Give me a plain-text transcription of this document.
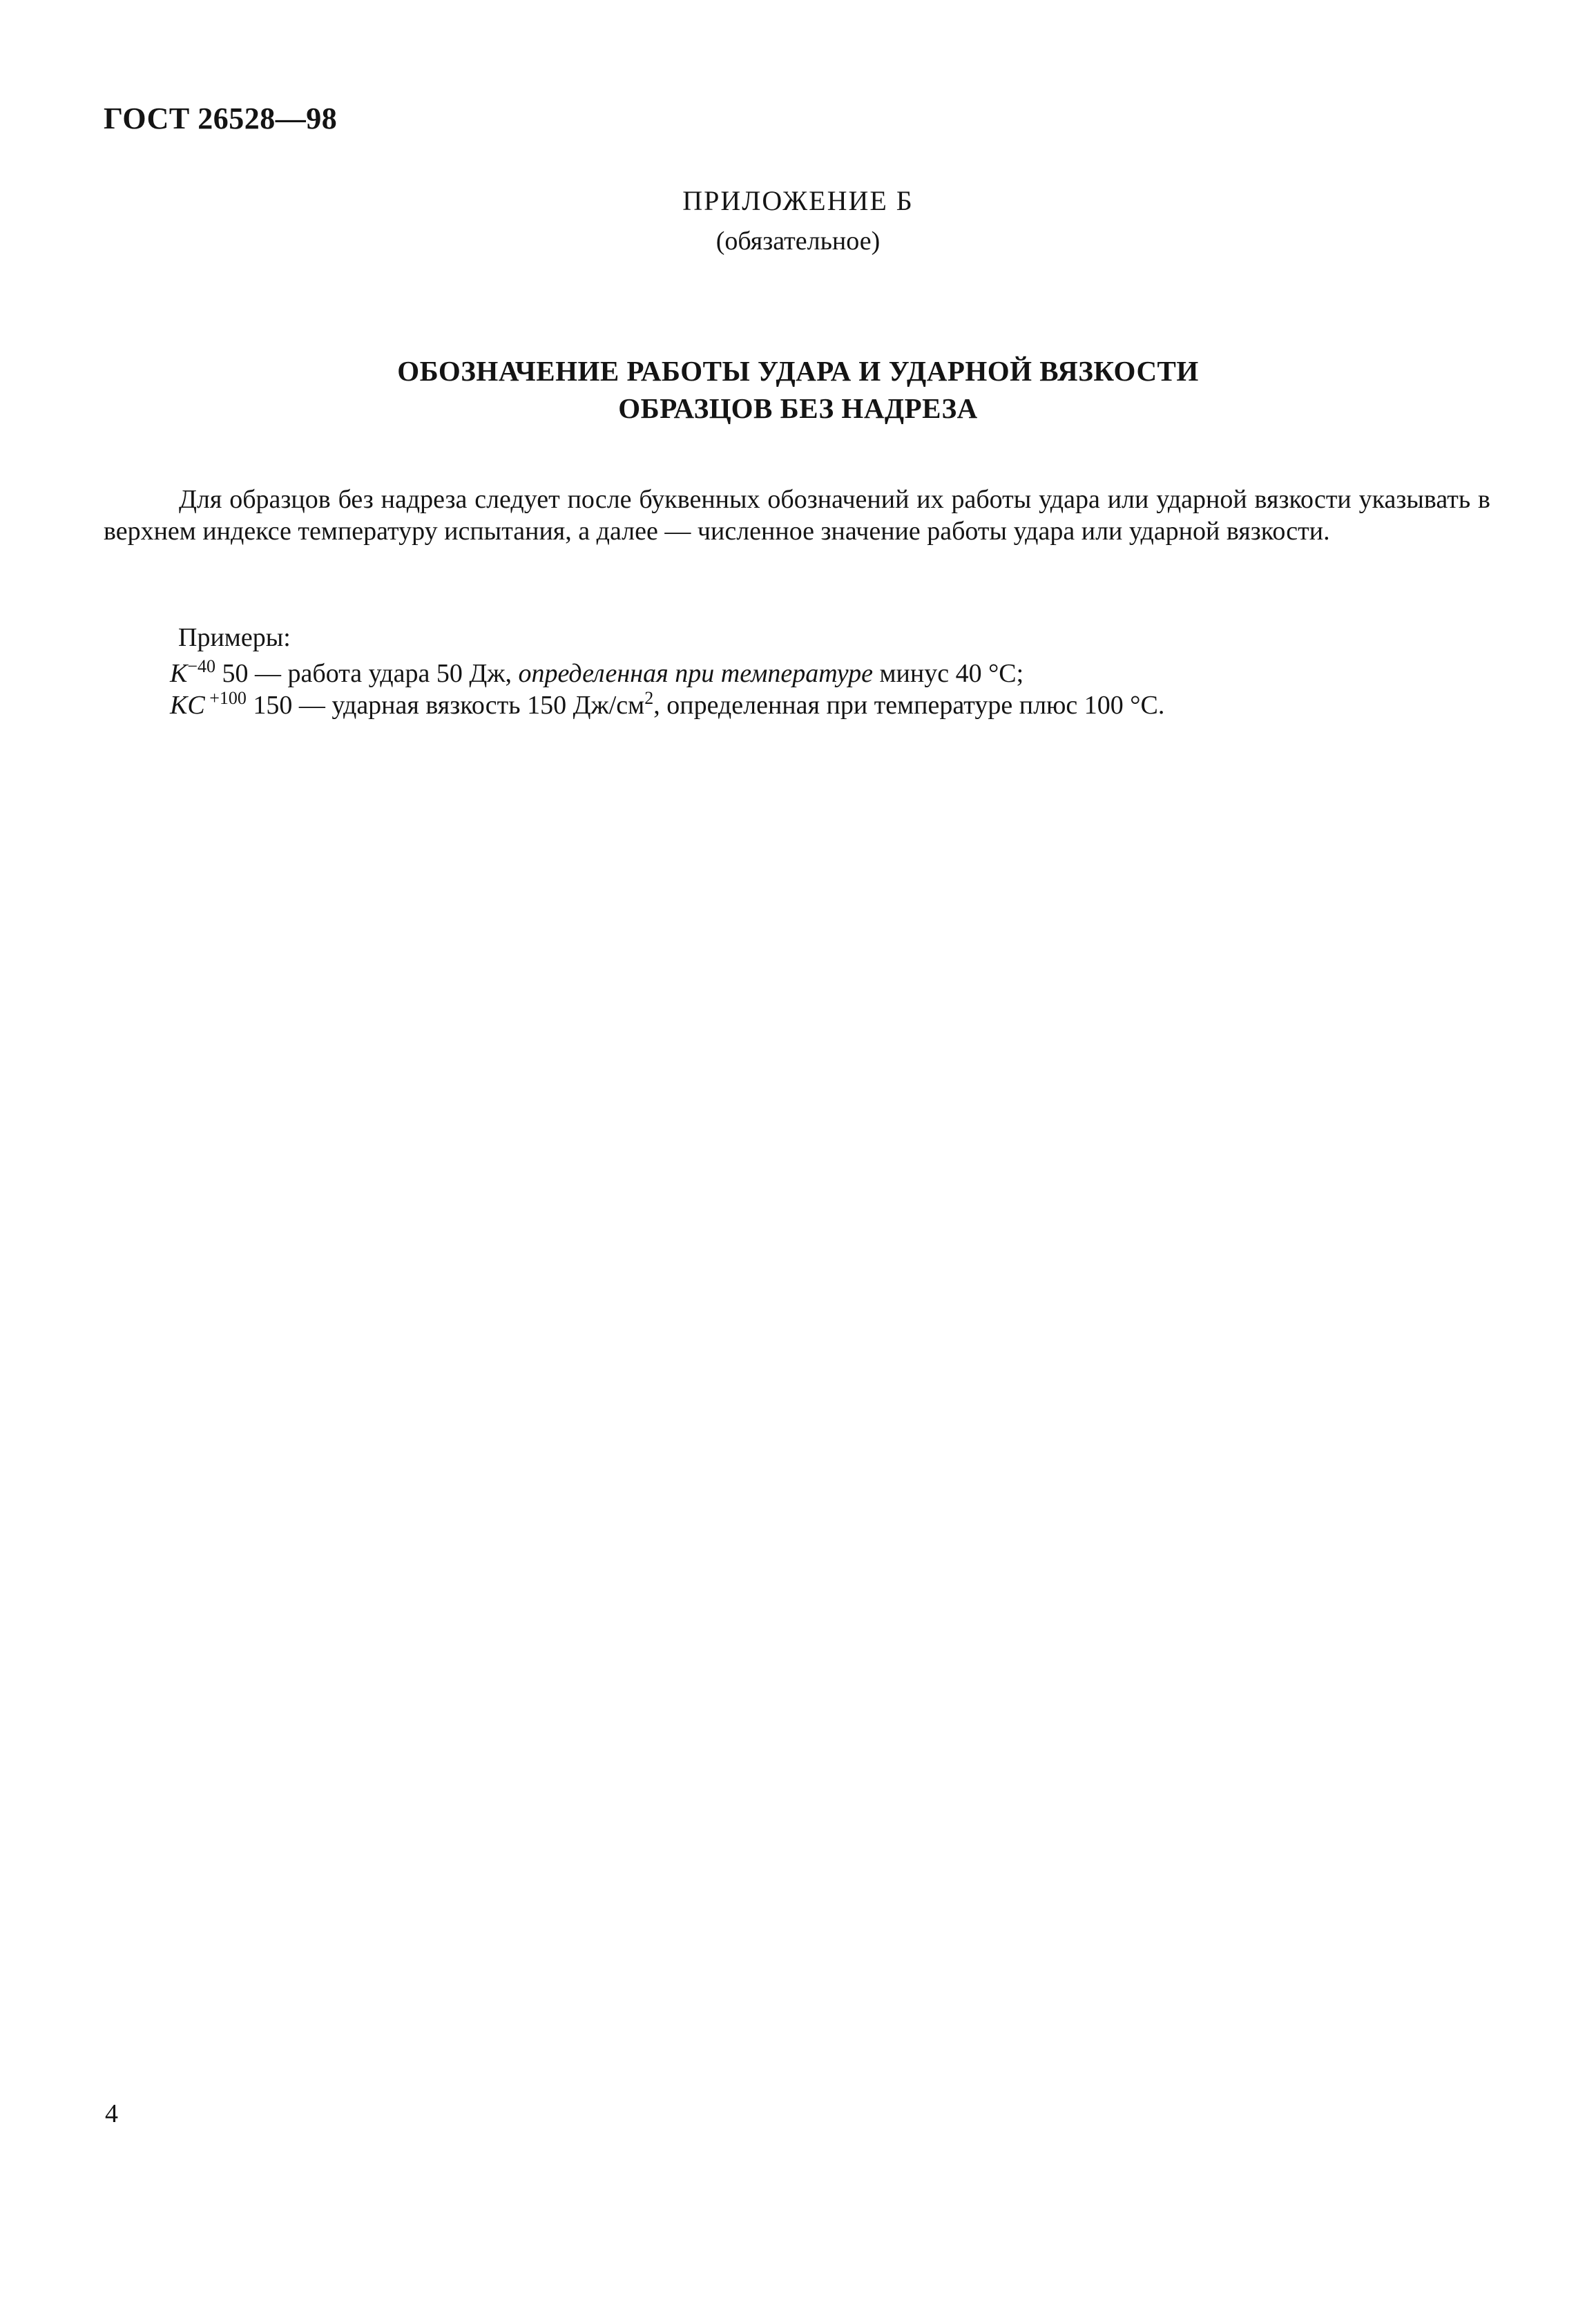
ГОСТ 26528—98
ПРИЛОЖЕНИЕ Б
(обязательное)
ОБОЗНАЧЕНИЕ РАБОТЫ УДАРА И УДАРНОЙ ВЯЗКОСТИ
ОБРАЗЦОВ БЕЗ НАДРЕЗА
Для образцов без надреза следует после буквенных обозначений их работы удара или ударной вязкости указывать в верхнем индексе температуру испытания, а далее — численное значение работы удара или ударной вязкости.
Примеры:
$K^{-40}$ 50 — работа удара 50 Дж, определенная при температуре минус 40 °С;
KC $^{+100}$ 150 — ударная вязкость 150 $Дж/см^2$, определенная при температуре плюс 100 °С.
4
